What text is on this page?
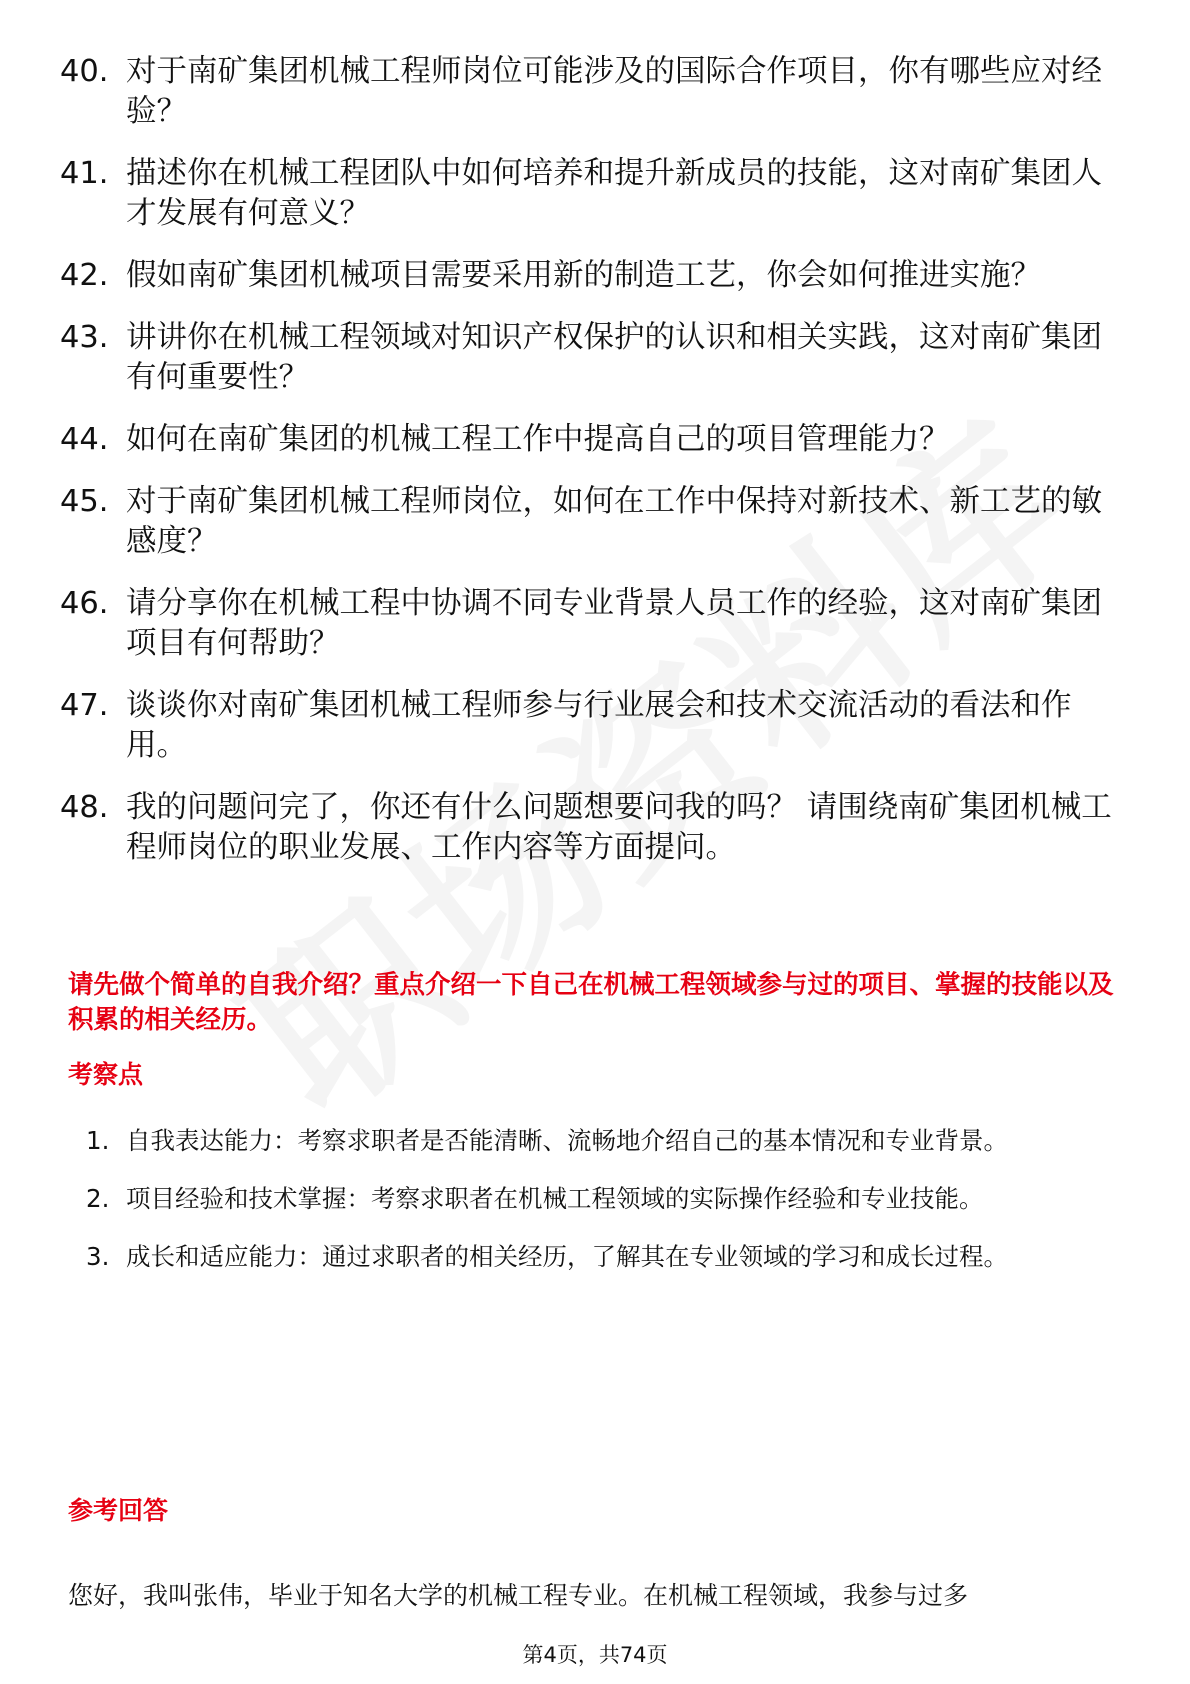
40. 对于南矿集团机械工程师岗位可能涉及的国际合作项目，你有哪些应对经验？
41. 描述你在机械工程团队中如何培养和提升新成员的技能，这对南矿集团人才发展有何意义？
42. 假如南矿集团机械项目需要采用新的制造工艺，你会如何推进实施？
43. 讲讲你在机械工程领域对知识产权保护的认识和相关实践，这对南矿集团有何重要性？
44. 如何在南矿集团的机械工程工作中提高自己的项目管理能力？
45. 对于南矿集团机械工程师岗位，如何在工作中保持对新技术、新工艺的敏感度？
46. 请分享你在机械工程中协调不同专业背景人员工作的经验，这对南矿集团项目有何帮助？
47. 谈谈你对南矿集团机械工程师参与行业展会和技术交流活动的看法和作用。
48. 我的问题问完了，你还有什么问题想要问我的吗？ 请围绕南矿集团机械工程师岗位的职业发展、工作内容等方面提问。

请先做个简单的自我介绍？重点介绍一下自己在机械工程领域参与过的项目、掌握的技能以及积累的相关经历。

考察点
1. 自我表达能力：考察求职者是否能清晰、流畅地介绍自己的基本情况和专业背景。
2. 项目经验和技术掌握：考察求职者在机械工程领域的实际操作经验和专业技能。
3. 成长和适应能力：通过求职者的相关经历，了解其在专业领域的学习和成长过程。
参考回答

您好，我叫张伟，毕业于知名大学的机械工程专业。在机械工程领域，我参与过多

第4页，共74页
